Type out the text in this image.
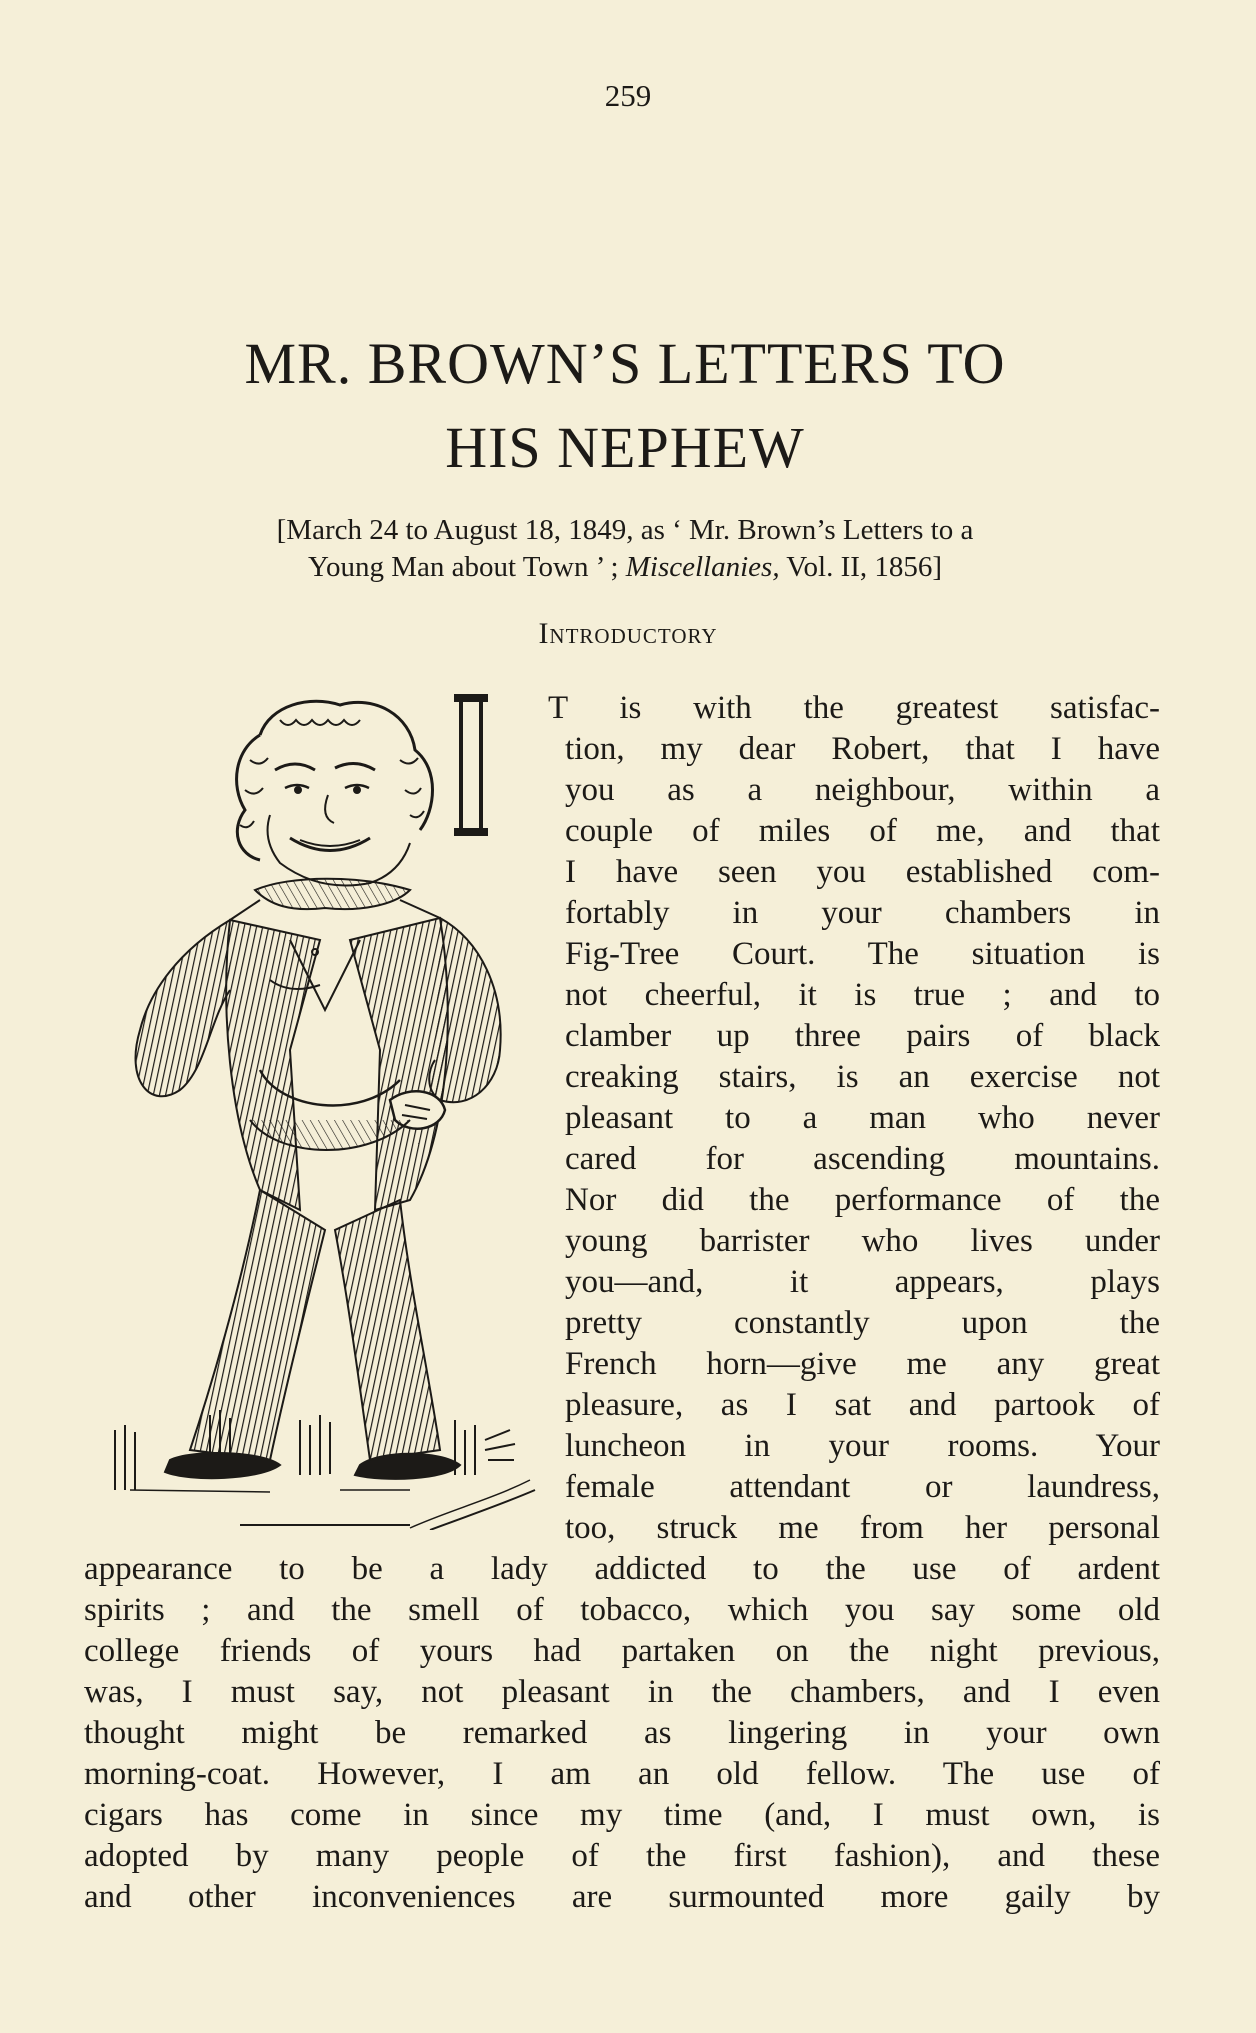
259
MR. BROWN’S LETTERS TO
HIS NEPHEW
[March 24 to August 18, 1849, as ‘ Mr. Brown’s Letters to a
Young Man about Town ’ ; Miscellanies, Vol. II, 1856]
Introductory
T is with the greatest satisfac-
tion, my dear Robert, that I have
you as a neighbour, within a
couple of miles of me, and that
I have seen you established com-
fortably in your chambers in
Fig-Tree Court. The situation is
not cheerful, it is true ; and to
clamber up three pairs of black
creaking stairs, is an exercise not
pleasant to a man who never
cared for ascending mountains.
Nor did the performance of the
young barrister who lives under
you—and, it appears, plays
pretty constantly upon the
French horn—give me any great
pleasure, as I sat and partook of
luncheon in your rooms. Your
female attendant or laundress,
too, struck me from her personal
appearance to be a lady addicted to the use of ardent
spirits ; and the smell of tobacco, which you say some old
college friends of yours had partaken on the night previous,
was, I must say, not pleasant in the chambers, and I even
thought might be remarked as lingering in your own
morning-coat. However, I am an old fellow. The use of
cigars has come in since my time (and, I must own, is
adopted by many people of the first fashion), and these
and other inconveniences are surmounted more gaily by
